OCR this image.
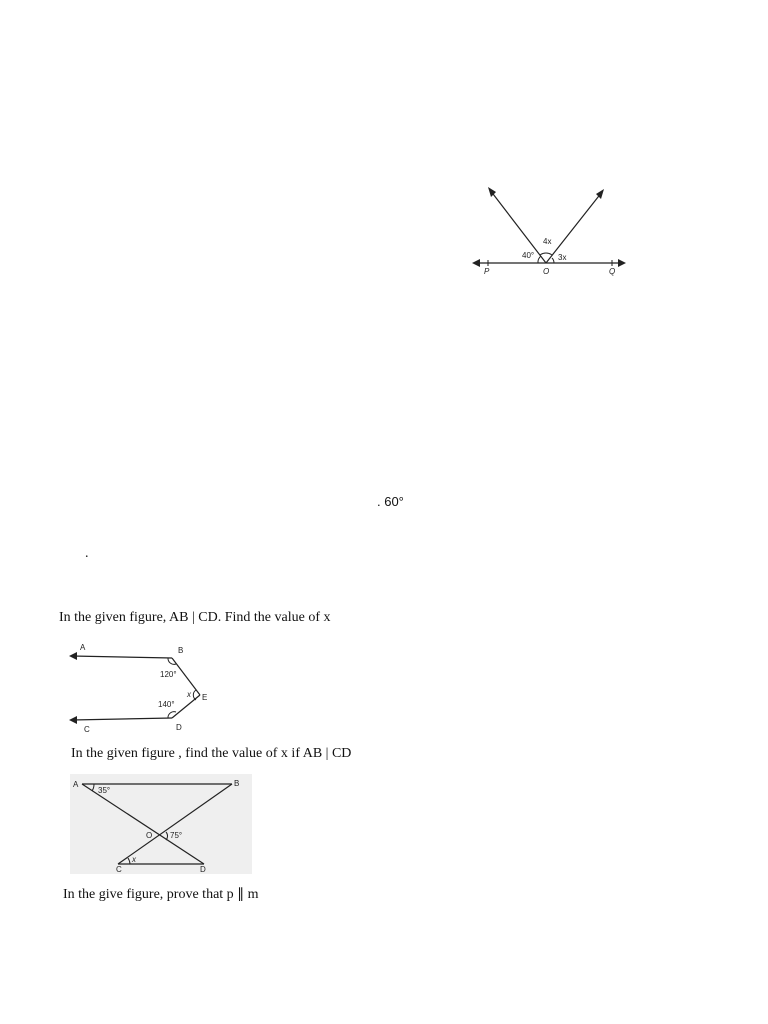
40°
4x
3x
P	O	Q
. 60°
.
In the given figure, AB | CD. Find the value of x
A	B
120°
E
x
140°
C	D
In the given figure , find the value of x if AB | CD
A
35°
B
O 75°
x
C	D
In the give figure, prove that p ∥ m
